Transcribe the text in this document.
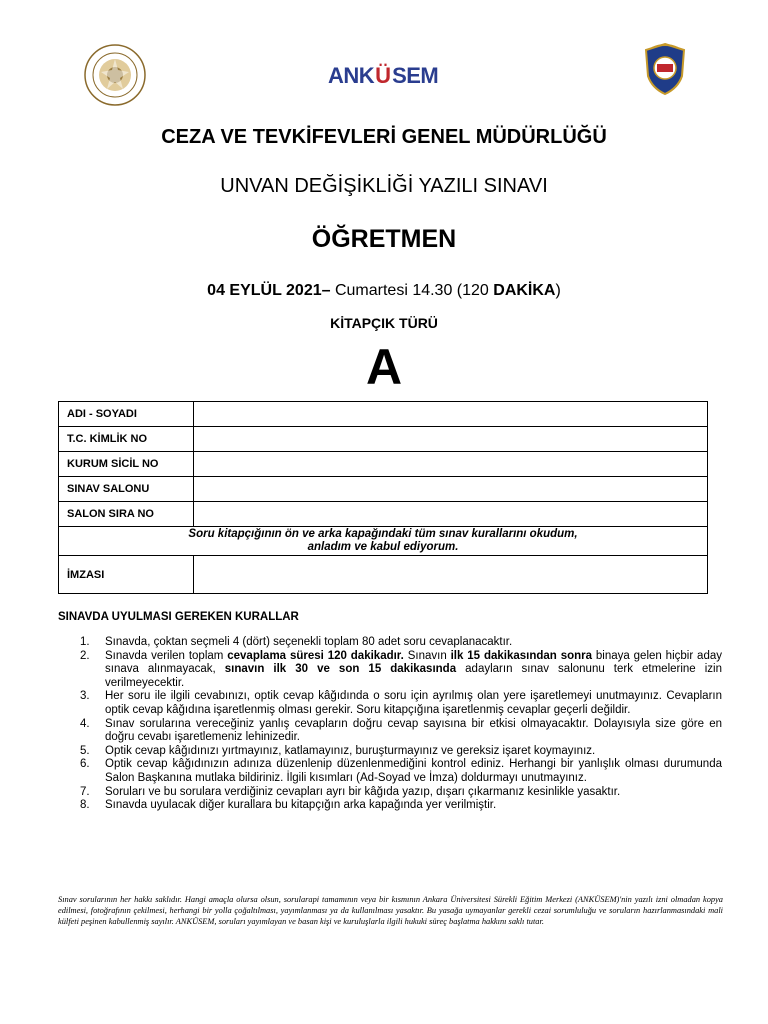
ANK Ü SEM
CEZA VE TEVKİFEVLERİ GENEL MÜDÜRLÜĞÜ
UNVAN DEĞİŞİKLİĞİ YAZILI SINAVI
ÖĞRETMEN
04 EYLÜL 2021– Cumartesi 14.30 (120 DAKİKA)
KİTAPÇIK TÜRÜ
A
ADI - SOYADI	
T.C. KİMLİK NO	
KURUM SİCİL NO	
SINAV SALONU	
SALON SIRA NO	

Soru kitapçığının ön ve arka kapağındaki tüm sınav kurallarını okudum,
anladım ve kabul ediyorum.	

İMZASI	
SINAVDA UYULMASI GEREKEN KURALLAR
1. Sınavda, çoktan seçmeli 4 (dört) seçenekli toplam 80 adet soru cevaplanacaktır.
2. Sınavda verilen toplam cevaplama süresi 120 dakikadır. Sınavın ilk 15 dakikasından sonra binaya gelen hiçbir aday sınava alınmayacak, sınavın ilk 30 ve son 15 dakikasında adayların sınav salonunu terk etmelerine izin verilmeyecektir.
3. Her soru ile ilgili cevabınızı, optik cevap kâğıdında o soru için ayrılmış olan yere işaretlemeyi unutmayınız. Cevapların optik cevap kâğıdına işaretlenmiş olması gerekir. Soru kitapçığına işaretlenmiş cevaplar geçerli değildir.
4. Sınav sorularına vereceğiniz yanlış cevapların doğru cevap sayısına bir etkisi olmayacaktır. Dolayısıyla size göre en doğru cevabı işaretlemeniz lehinizedir.
5. Optik cevap kâğıdınızı yırtmayınız, katlamayınız, buruşturmayınız ve gereksiz işaret koymayınız.
6. Optik cevap kâğıdınızın adınıza düzenlenip düzenlenmediğini kontrol ediniz. Herhangi bir yanlışlık olması durumunda Salon Başkanına mutlaka bildiriniz. İlgili kısımları (Ad-Soyad ve İmza) doldurmayı unutmayınız.
7. Soruları ve bu sorulara verdiğiniz cevapları ayrı bir kâğıda yazıp, dışarı çıkarmanız kesinlikle yasaktır.
8. Sınavda uyulacak diğer kurallara bu kitapçığın arka kapağında yer verilmiştir.
Sınav sorularının her hakkı saklıdır. Hangi amaçla olursa olsun, sorularapi tamamının veya bir kısmının Ankara Üniversitesi Sürekli Eğitim Merkezi (ANKÜSEM)'nin yazılı izni olmadan kopya edilmesi, fotoğrafının çekilmesi, herhangi bir yolla çoğaltılması, yayımlanması ya da kullanılması yasaktır. Bu yasağa uymayanlar gerekli cezai sorumluluğu ve soruların hazırlanmasındaki mali külfeti peşinen kabullenmiş sayılır. ANKÜSEM, soruları yayımlayan ve basan kişi ve kuruluşlarla ilgili hukuki süreç başlatma hakkını saklı tutar.
